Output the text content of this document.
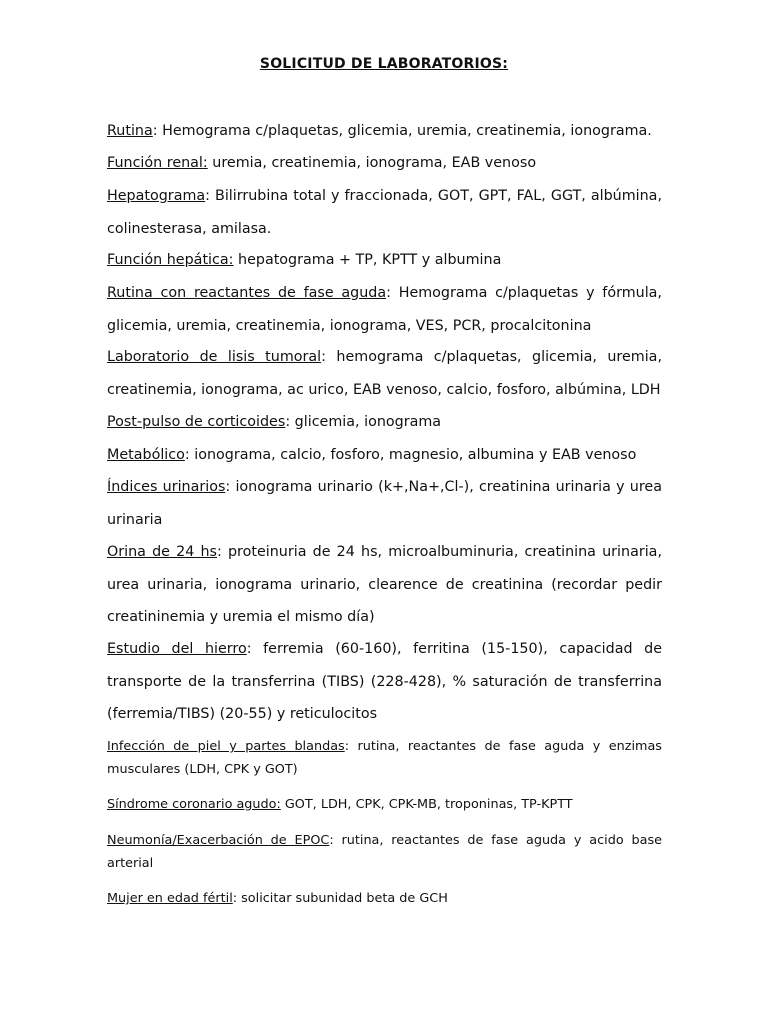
SOLICITUD DE LABORATORIOS:

Rutina: Hemograma c/plaquetas, glicemia, uremia, creatinemia, ionograma.

Función renal: uremia, creatinemia, ionograma, EAB venoso

Hepatograma: Bilirrubina total y fraccionada, GOT, GPT, FAL, GGT, albúmina, colinesterasa, amilasa.

Función hepática: hepatograma + TP, KPTT y albumina

Rutina con reactantes de fase aguda: Hemograma c/plaquetas y fórmula, glicemia, uremia, creatinemia, ionograma, VES, PCR, procalcitonina

Laboratorio de lisis tumoral: hemograma c/plaquetas, glicemia, uremia, creatinemia, ionograma, ac urico, EAB venoso, calcio, fosforo, albúmina, LDH

Post-pulso de corticoides: glicemia, ionograma

Metabólico: ionograma, calcio, fosforo, magnesio, albumina y EAB venoso

Índices urinarios: ionograma urinario (k+,Na+,Cl-), creatinina urinaria y urea urinaria

Orina de 24 hs: proteinuria de 24 hs, microalbuminuria, creatinina urinaria, urea urinaria, ionograma urinario, clearence de creatinina (recordar pedir creatininemia y uremia el mismo día)

Estudio del hierro: ferremia (60-160), ferritina (15-150), capacidad de transporte de la transferrina (TIBS) (228-428), % saturación de transferrina (ferremia/TIBS) (20-55) y reticulocitos

Infección de piel y partes blandas: rutina, reactantes de fase aguda y enzimas musculares (LDH, CPK y GOT)

Síndrome coronario agudo: GOT, LDH, CPK, CPK-MB, troponinas, TP-KPTT

Neumonía/Exacerbación de EPOC: rutina, reactantes de fase aguda y acido base arterial

Mujer en edad fértil: solicitar subunidad beta de GCH
